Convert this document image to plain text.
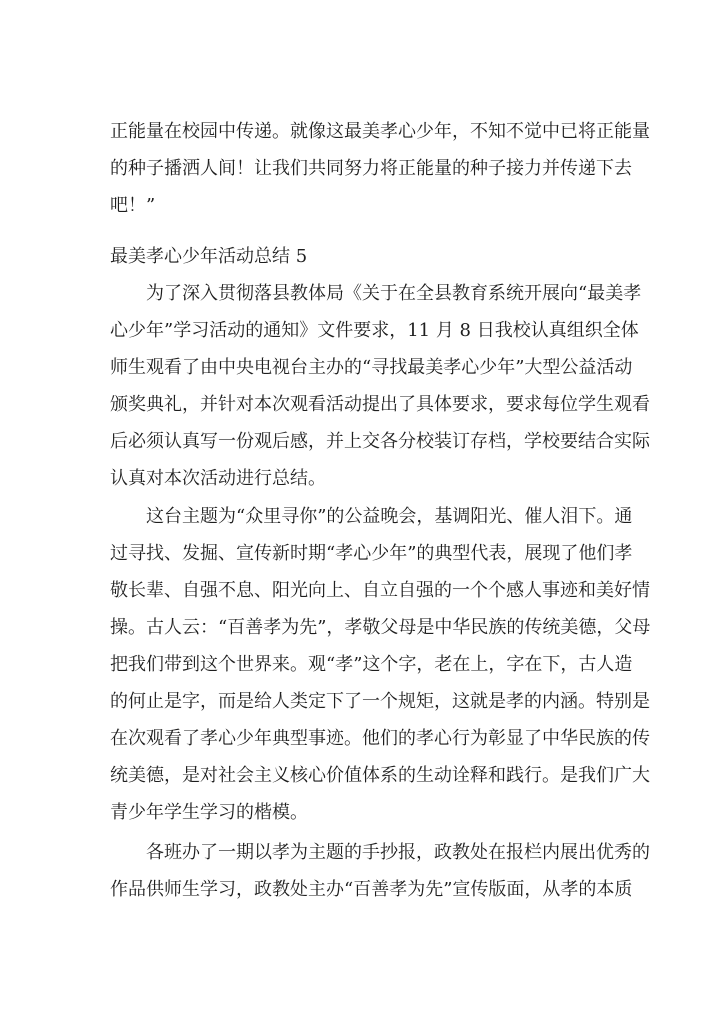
正能量在校园中传递。就像这最美孝心少年，不知不觉中已将正能量
的种子播洒人间！让我们共同努力将正能量的种子接力并传递下去
吧！”
最美孝心少年活动总结 5
为了深入贯彻落县教体局《关于在全县教育系统开展向“最美孝
心少年”学习活动的通知》文件要求，11 月 8 日我校认真组织全体
师生观看了由中央电视台主办的“寻找最美孝心少年”大型公益活动
颁奖典礼，并针对本次观看活动提出了具体要求，要求每位学生观看
后必须认真写一份观后感，并上交各分校装订存档，学校要结合实际
认真对本次活动进行总结。
这台主题为“众里寻你”的公益晚会，基调阳光、催人泪下。通
过寻找、发掘、宣传新时期“孝心少年”的典型代表，展现了他们孝
敬长辈、自强不息、阳光向上、自立自强的一个个感人事迹和美好情
操。古人云：“百善孝为先”，孝敬父母是中华民族的传统美德，父母
把我们带到这个世界来。观“孝”这个字，老在上，字在下，古人造
的何止是字，而是给人类定下了一个规矩，这就是孝的内涵。特别是
在次观看了孝心少年典型事迹。他们的孝心行为彰显了中华民族的传
统美德，是对社会主义核心价值体系的生动诠释和践行。是我们广大
青少年学生学习的楷模。
各班办了一期以孝为主题的手抄报，政教处在报栏内展出优秀的
作品供师生学习，政教处主办“百善孝为先”宣传版面，从孝的本质
